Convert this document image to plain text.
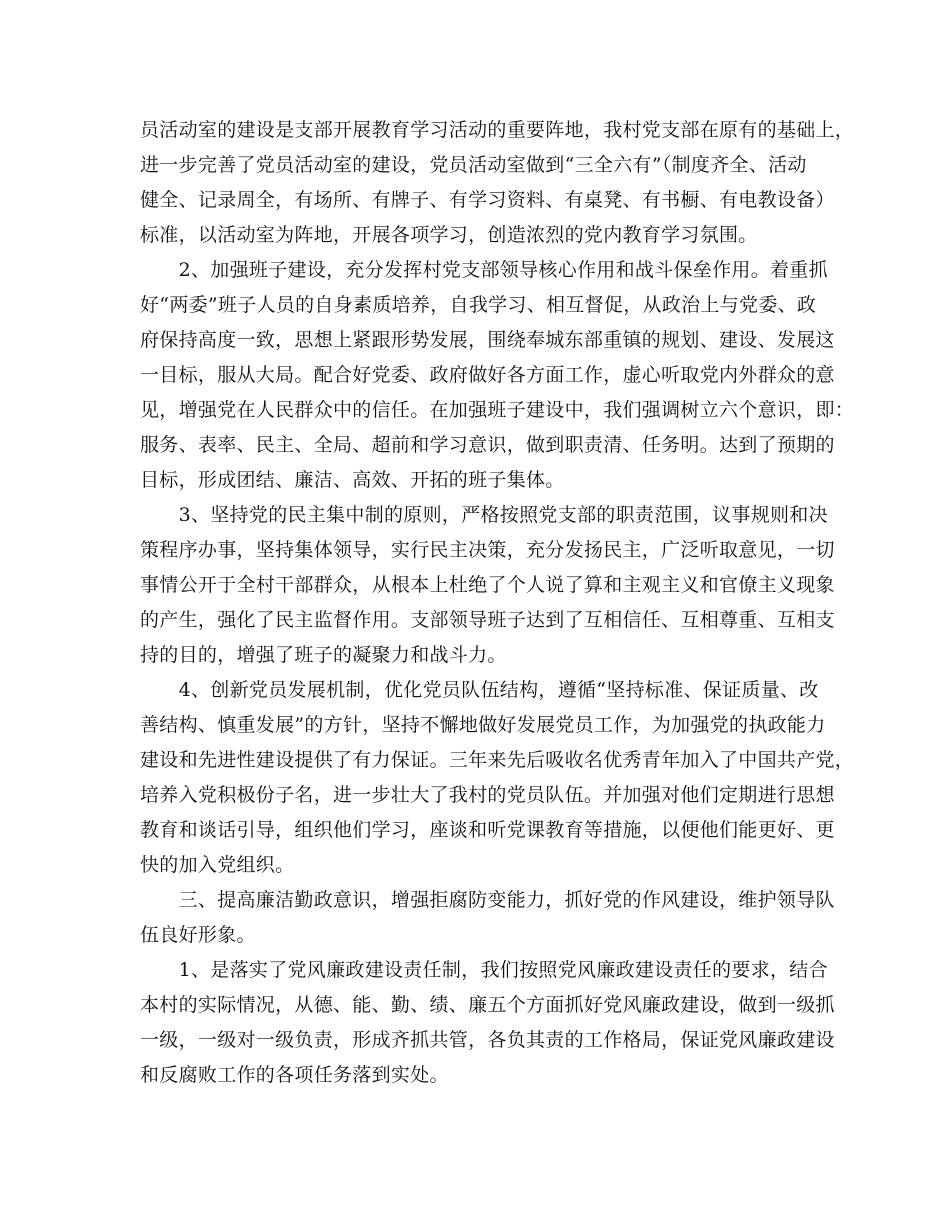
员活动室的建设是支部开展教育学习活动的重要阵地，我村党支部在原有的基础上，
进一步完善了党员活动室的建设，党员活动室做到“三全六有”（制度齐全、活动
健全、记录周全，有场所、有牌子、有学习资料、有桌凳、有书橱、有电教设备）
标准，以活动室为阵地，开展各项学习，创造浓烈的党内教育学习氛围。
　　2、加强班子建设，充分发挥村党支部领导核心作用和战斗保垒作用。着重抓
好“两委”班子人员的自身素质培养，自我学习、相互督促，从政治上与党委、政
府保持高度一致，思想上紧跟形势发展，围绕奉城东部重镇的规划、建设、发展这
一目标，服从大局。配合好党委、政府做好各方面工作，虚心听取党内外群众的意
见，增强党在人民群众中的信任。在加强班子建设中，我们强调树立六个意识，即：
服务、表率、民主、全局、超前和学习意识，做到职责清、任务明。达到了预期的
目标，形成团结、廉洁、高效、开拓的班子集体。
　　3、坚持党的民主集中制的原则，严格按照党支部的职责范围，议事规则和决
策程序办事，坚持集体领导，实行民主决策，充分发扬民主，广泛听取意见，一切
事情公开于全村干部群众，从根本上杜绝了个人说了算和主观主义和官僚主义现象
的产生，强化了民主监督作用。支部领导班子达到了互相信任、互相尊重、互相支
持的目的，增强了班子的凝聚力和战斗力。
　　4、创新党员发展机制，优化党员队伍结构，遵循“坚持标准、保证质量、改
善结构、慎重发展”的方针，坚持不懈地做好发展党员工作，为加强党的执政能力
建设和先进性建设提供了有力保证。三年来先后吸收名优秀青年加入了中国共产党，
培养入党积极份子名，进一步壮大了我村的党员队伍。并加强对他们定期进行思想
教育和谈话引导，组织他们学习，座谈和听党课教育等措施，以便他们能更好、更
快的加入党组织。
　　三、提高廉洁勤政意识，增强拒腐防变能力，抓好党的作风建设，维护领导队
伍良好形象。
　　1、是落实了党风廉政建设责任制，我们按照党风廉政建设责任的要求，结合
本村的实际情况，从德、能、勤、绩、廉五个方面抓好党风廉政建设，做到一级抓
一级，一级对一级负责，形成齐抓共管，各负其责的工作格局，保证党风廉政建设
和反腐败工作的各项任务落到实处。
